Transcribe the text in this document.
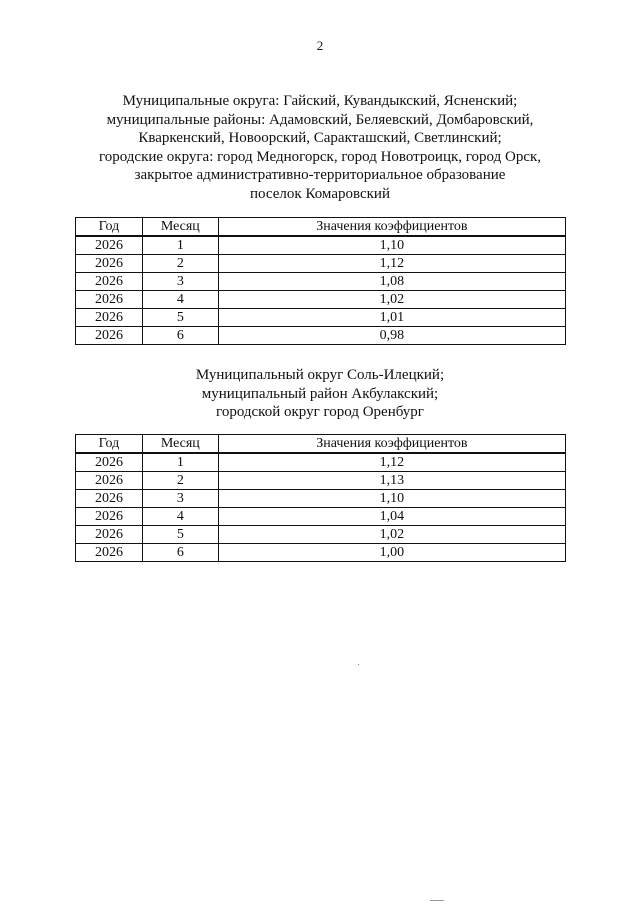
2
Муниципальные округа: Гайский, Кувандыкский, Ясненский;
муниципальные районы: Адамовский, Беляевский, Домбаровский,
Кваркенский, Новоорский, Саракташский, Светлинский;
городские округа: город Медногорск, город Новотроицк, город Орск,
закрытое административно-территориальное образование
поселок Комаровский
Год	Месяц	Значения коэффициентов
2026	1	1,10
2026	2	1,12
2026	3	1,08
2026	4	1,02
2026	5	1,01
2026	6	0,98
Муниципальный округ Соль-Илецкий;
муниципальный район Акбулакский;
городской округ город Оренбург
Год	Месяц	Значения коэффициентов
2026	1	1,12
2026	2	1,13
2026	3	1,10
2026	4	1,04
2026	5	1,02
2026	6	1,00
